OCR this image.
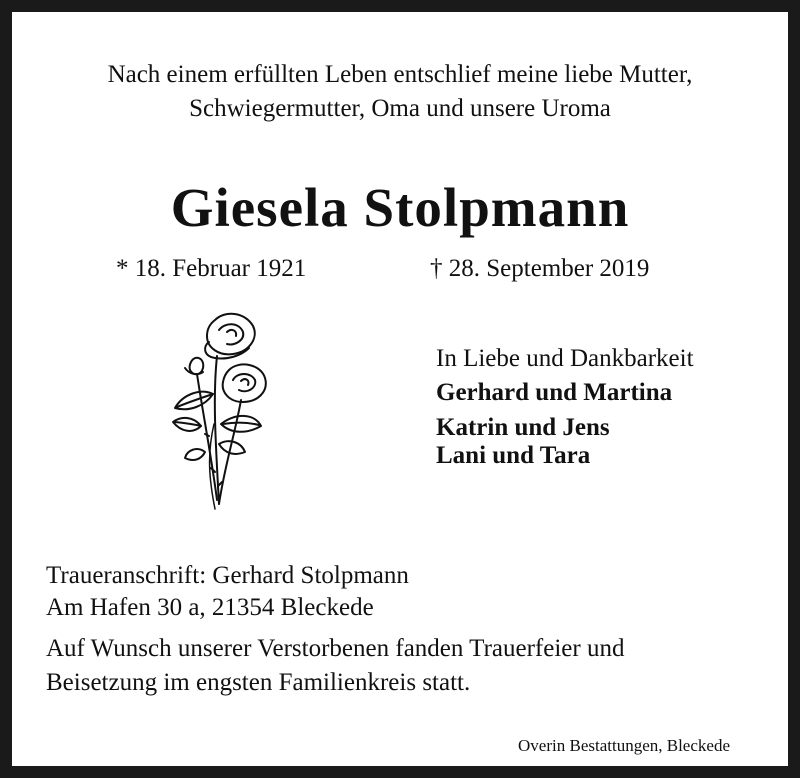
Nach einem erfüllten Leben entschlief meine liebe Mutter,
Schwiegermutter, Oma und unsere Uroma
Giesela Stolpmann
* 18. Februar 1921	† 28. September 2019
In Liebe und Dankbarkeit
Gerhard und Martina
Katrin und Jens
Lani und Tara
Traueranschrift: Gerhard Stolpmann
Am Hafen 30 a, 21354 Bleckede
Auf Wunsch unserer Verstorbenen fanden Trauerfeier und
Beisetzung im engsten Familienkreis statt.
Overin Bestattungen, Bleckede
